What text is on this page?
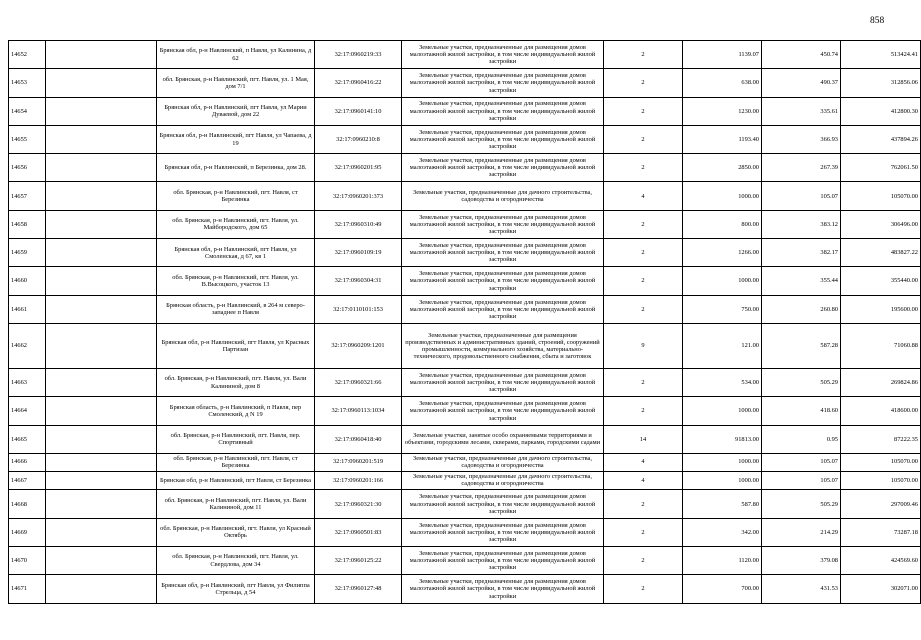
858
14652		Брянская обл, р-н Навлинский, п Навля, ул Калинина, д 62	32:17:0960219:33	Земельные участки, предназначенные для размещения домов малоэтажной жилой застройки, в том числе индивидуальной жилой застройки	2	1139.07	450.74	513424.41
14653		обл. Брянская, р-н Навлинский, пгт. Навля, ул. 1 Мая, дом 7/1	32:17:0960416:22	Земельные участки, предназначенные для размещения домов малоэтажной жилой застройки, в том числе индивидуальной жилой застройки	2	638.00	490.37	312856.06
14654		Брянская обл, р-н Навлинский, пгт Навля, ул Марии Дуваевой, дом 22	32:17:0960141:10	Земельные участки, предназначенные для размещения домов малоэтажной жилой застройки, в том числе индивидуальной жилой застройки	2	1230.00	335.61	412800.30
14655		Брянская обл, р-н Навлинский, пгт Навля, ул Чапаева, д 19	32:17:0960210:8	Земельные участки, предназначенные для размещения домов малоэтажной жилой застройки, в том числе индивидуальной жилой застройки	2	1193.40	366.93	437894.26
14656		Брянская обл, р-н Навлинский, п Березинка, дом 28.	32:17:0960201:95	Земельные участки, предназначенные для размещения домов малоэтажной жилой застройки, в том числе индивидуальной жилой застройки	2	2850.00	267.39	762061.50
14657		обл. Брянская, р-н Навлинский, пгт. Навля, ст Березинка	32:17:0960201:373	Земельные участки, предназначенные для дачного строительства, садоводства и огородничества	4	1000.00	105.07	105070.00
14658		обл. Брянская, р-н Навлинский, пгт. Навля, ул. Майбородского, дом 65	32:17:0960310:49	Земельные участки, предназначенные для размещения домов малоэтажной жилой застройки, в том числе индивидуальной жилой застройки	2	800.00	383.12	306496.00
14659		Брянская обл, р-н Навлинский, пгт Навля, ул Смоленская, д 67, кв 1	32:17:0960109:19	Земельные участки, предназначенные для размещения домов малоэтажной жилой застройки, в том числе индивидуальной жилой застройки	2	1266.00	382.17	483827.22
14660		обл. Брянская, р-н Навлинский, пгт. Навля, ул. В.Высоцкого, участок 13	32:17:0960304:31	Земельные участки, предназначенные для размещения домов малоэтажной жилой застройки, в том числе индивидуальной жилой застройки	2	1000.00	355.44	355440.00
14661		Брянская область, р-н Навлинский, в 264 м северо-западнее п Навля	32:17:0110101:153	Земельные участки, предназначенные для размещения домов малоэтажной жилой застройки, в том числе индивидуальной жилой застройки	2	750.00	260.80	195600.00
14662		Брянская обл, р-н Навлинский, пгт Навля, ул Красных Партизан	32:17:0960209:1201	Земельные участки, предназначенные для размещения производственных и административных зданий, строений, сооружений промышленности, коммунального хозяйства, материально-технического, продовольственного снабжения, сбыта и заготовок	9	121.00	587.28	71060.88
14663		обл. Брянская, р-н Навлинский, пгт. Навля, ул. Вали Калининой, дом 8	32:17:0960321:66	Земельные участки, предназначенные для размещения домов малоэтажной жилой застройки, в том числе индивидуальной жилой застройки	2	534.00	505.29	269824.86
14664		Брянская область, р-н Навлинский, п Навля, пер Смоленский, д N 19	32:17:0960113:1034	Земельные участки, предназначенные для размещения домов малоэтажной жилой застройки, в том числе индивидуальной жилой застройки	2	1000.00	418.60	418600.00
14665		обл. Брянская, р-н Навлинский, пгт. Навля, пер. Спортивный	32:17:0960418:40	Земельные участки, занятые особо охраняемыми территориями и объектами, городскими лесами, скверами, парками, городскими садами	14	91813.00	0.95	87222.35
14666		обл. Брянская, р-н Навлинский, пгт. Навля, ст Березинка	32:17:0960201:519	Земельные участки, предназначенные для дачного строительства, садоводства и огородничества	4	1000.00	105.07	105070.00
14667		Брянская обл, р-н Навлинский, пгт Навля, ст Березинка	32:17:0960201:166	Земельные участки, предназначенные для дачного строительства, садоводства и огородничества	4	1000.00	105.07	105070.00
14668		обл. Брянская, р-н Навлинский, пгт. Навля, ул. Вали Калининой, дом 11	32:17:0960321:30	Земельные участки, предназначенные для размещения домов малоэтажной жилой застройки, в том числе индивидуальной жилой застройки	2	587.80	505.29	297009.46
14669		обл. Брянская, р-н Навлинский, пгт. Навля, ул Красный Октябрь	32:17:0960501:83	Земельные участки, предназначенные для размещения домов малоэтажной жилой застройки, в том числе индивидуальной жилой застройки	2	342.00	214.29	73287.18
14670		обл. Брянская, р-н Навлинский, пгт. Навля, ул. Свердлова, дом 34	32:17:0960125:22	Земельные участки, предназначенные для размещения домов малоэтажной жилой застройки, в том числе индивидуальной жилой застройки	2	1120.00	379.08	424569.60
14671		Брянская обл, р-н Навлинский, пгт Навля, ул Филиппа Стрельца, д 54	32:17:0960127:48	Земельные участки, предназначенные для размещения домов малоэтажной жилой застройки, в том числе индивидуальной жилой застройки	2	700.00	431.53	302071.00
